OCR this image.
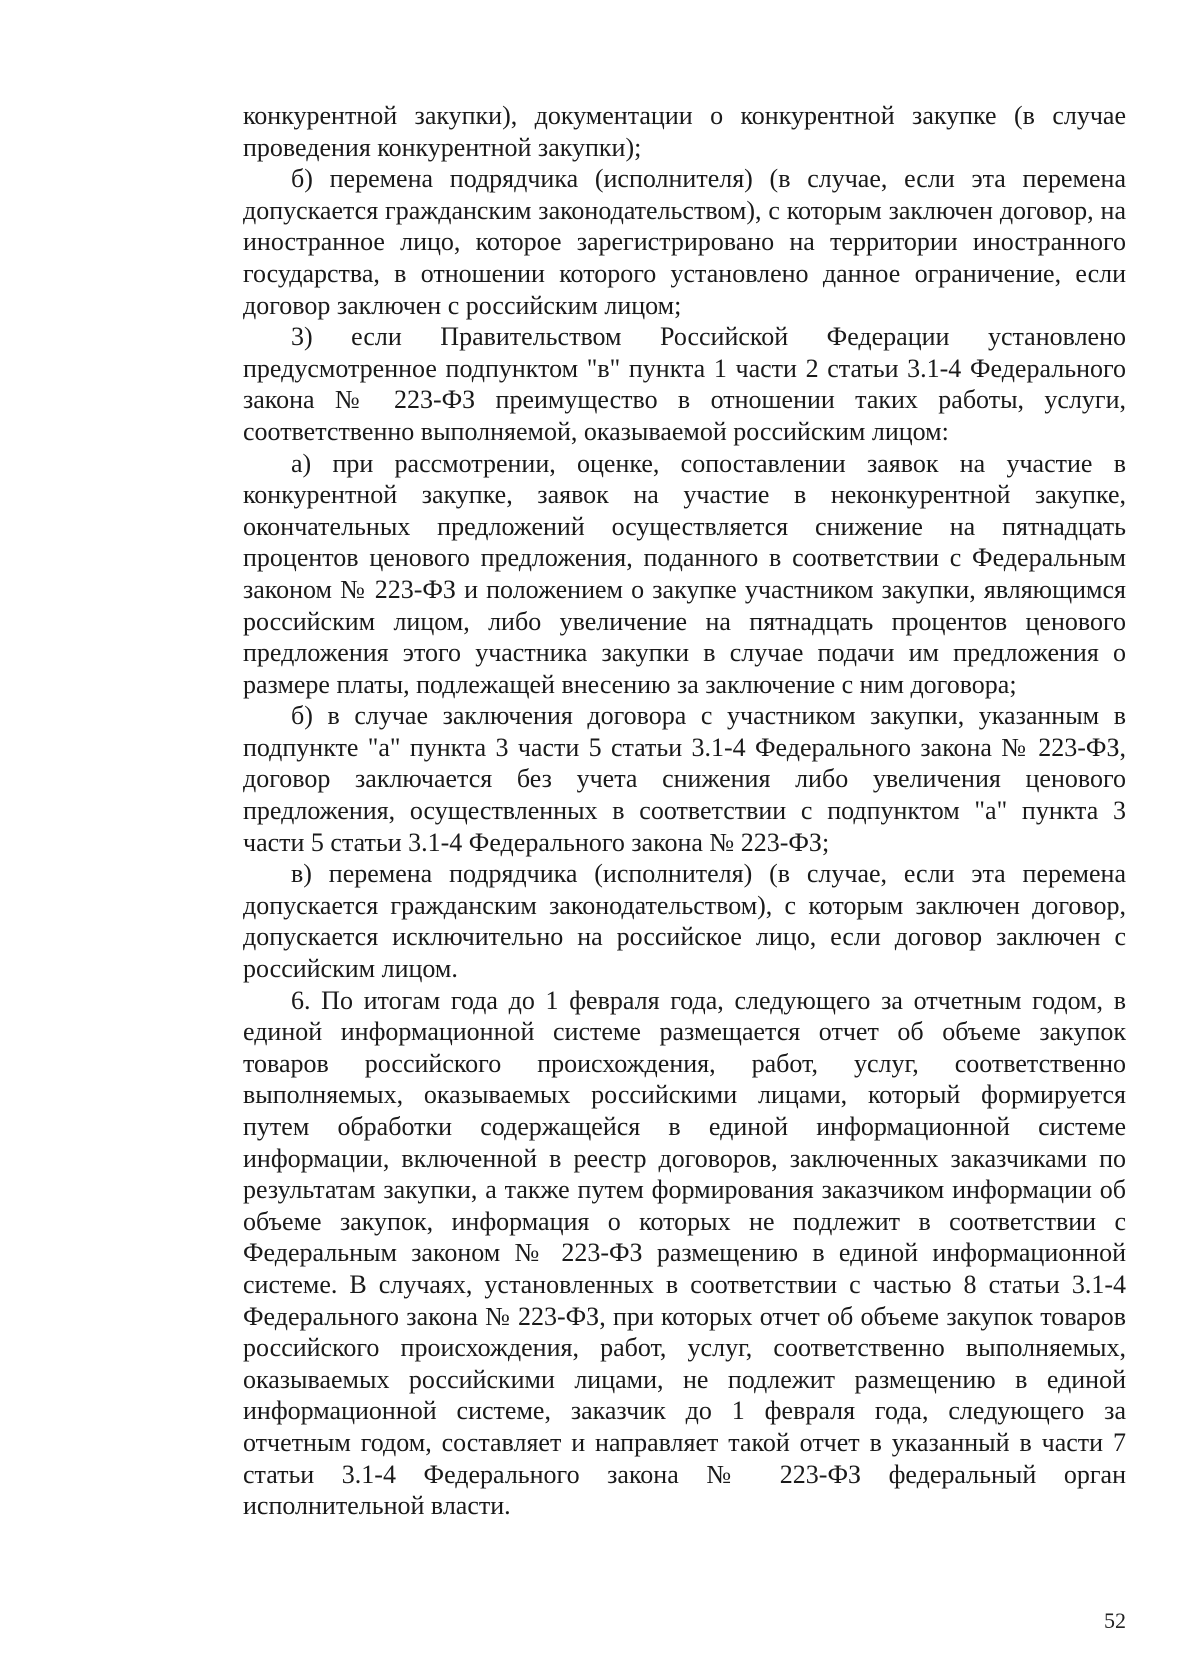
конкурентной закупки), документации о конкурентной закупке (в случае проведения конкурентной закупки);

б) перемена подрядчика (исполнителя) (в случае, если эта перемена допускается гражданским законодательством), с которым заключен договор, на иностранное лицо, которое зарегистрировано на территории иностранного государства, в отношении которого установлено данное ограничение, если договор заключен с российским лицом;

3) если Правительством Российской Федерации установлено предусмотренное подпунктом "в" пункта 1 части 2 статьи 3.1-4 Федерального закона № 223-ФЗ преимущество в отношении таких работы, услуги, соответственно выполняемой, оказываемой российским лицом:

а) при рассмотрении, оценке, сопоставлении заявок на участие в конкурентной закупке, заявок на участие в неконкурентной закупке, окончательных предложений осуществляется снижение на пятнадцать процентов ценового предложения, поданного в соответствии с Федеральным законом № 223-ФЗ и положением о закупке участником закупки, являющимся российским лицом, либо увеличение на пятнадцать процентов ценового предложения этого участника закупки в случае подачи им предложения о размере платы, подлежащей внесению за заключение с ним договора;

б) в случае заключения договора с участником закупки, указанным в подпункте "а" пункта 3 части 5 статьи 3.1-4 Федерального закона № 223-ФЗ, договор заключается без учета снижения либо увеличения ценового предложения, осуществленных в соответствии с подпунктом "а" пункта 3 части 5 статьи 3.1-4 Федерального закона № 223-ФЗ;

в) перемена подрядчика (исполнителя) (в случае, если эта перемена допускается гражданским законодательством), с которым заключен договор, допускается исключительно на российское лицо, если договор заключен с российским лицом.

6. По итогам года до 1 февраля года, следующего за отчетным годом, в единой информационной системе размещается отчет об объеме закупок товаров российского происхождения, работ, услуг, соответственно выполняемых, оказываемых российскими лицами, который формируется путем обработки содержащейся в единой информационной системе информации, включенной в реестр договоров, заключенных заказчиками по результатам закупки, а также путем формирования заказчиком информации об объеме закупок, информация о которых не подлежит в соответствии с Федеральным законом № 223-ФЗ размещению в единой информационной системе. В случаях, установленных в соответствии с частью 8 статьи 3.1-4 Федерального закона № 223-ФЗ, при которых отчет об объеме закупок товаров российского происхождения, работ, услуг, соответственно выполняемых, оказываемых российскими лицами, не подлежит размещению в единой информационной системе, заказчик до 1 февраля года, следующего за отчетным годом, составляет и направляет такой отчет в указанный в части 7 статьи 3.1-4 Федерального закона № 223-ФЗ федеральный орган исполнительной власти.

52
